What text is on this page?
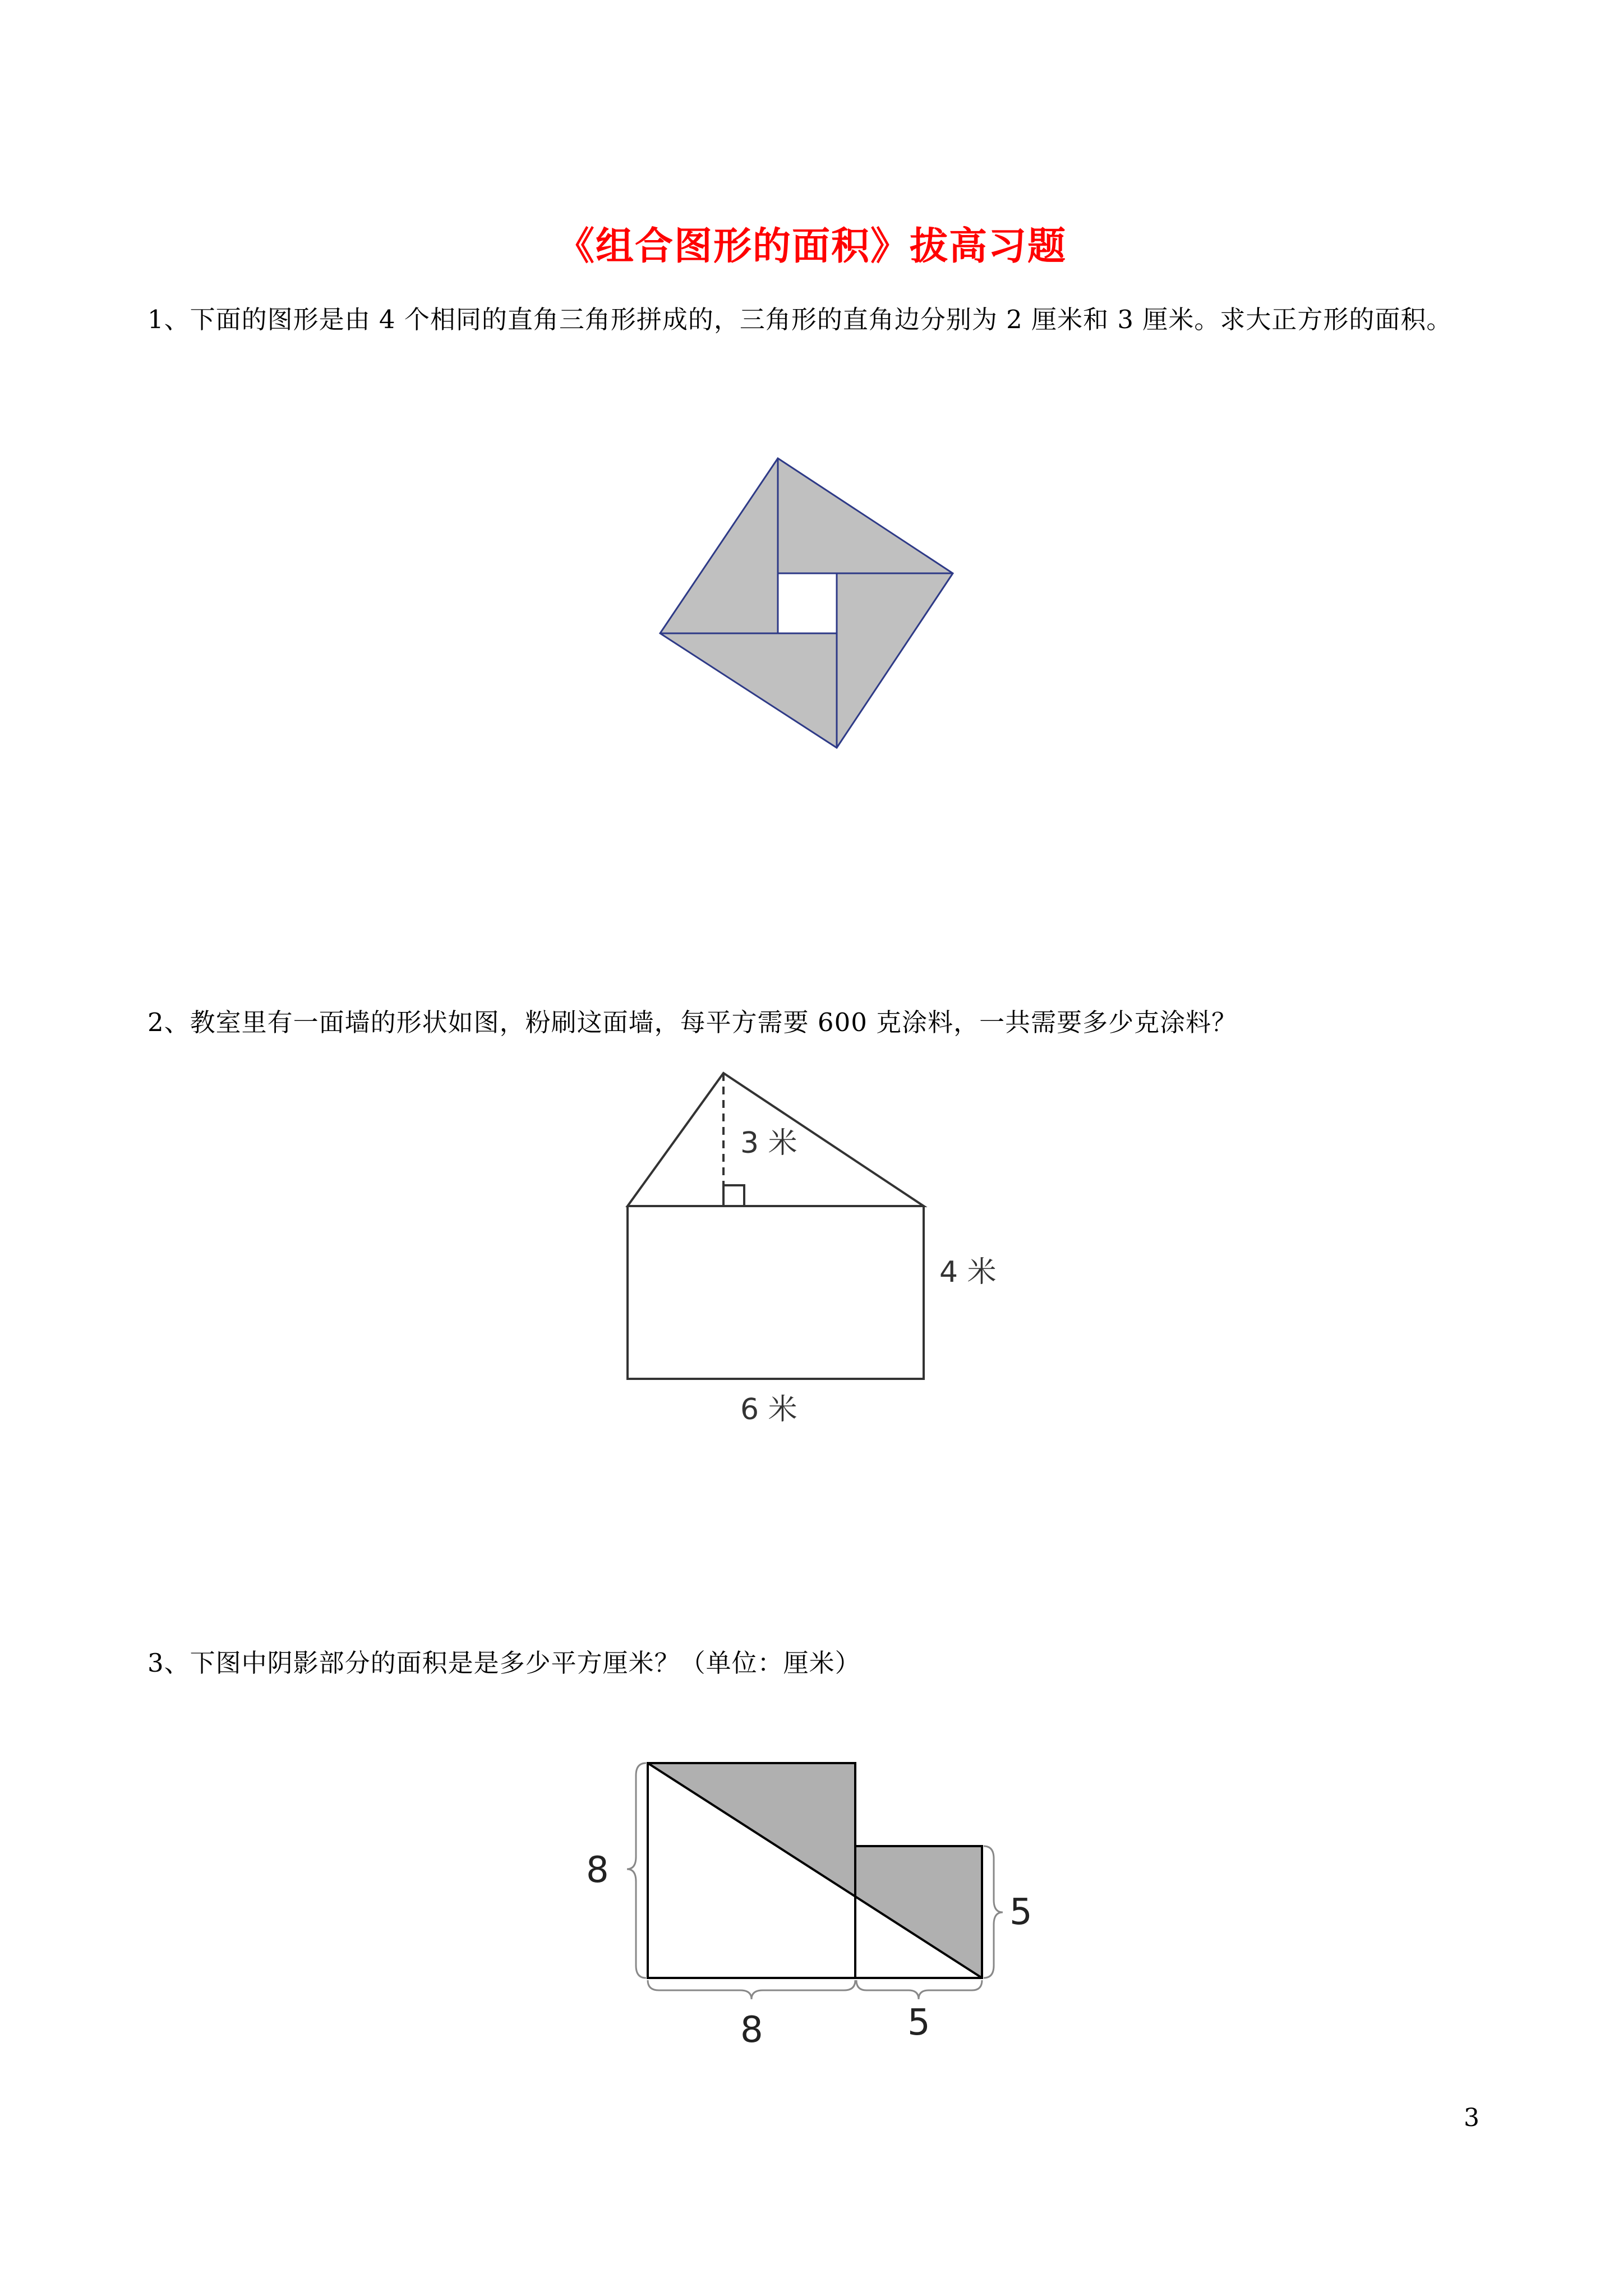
《组合图形的面积》拔高习题
1、下面的图形是由 4 个相同的直角三角形拼成的，三角形的直角边分别为 2 厘米和 3 厘米。求大正方形的面积。
2、教室里有一面墙的形状如图，粉刷这面墙，每平方需要 600 克涂料，一共需要多少克涂料？
3 米
4 米
6 米
3、下图中阴影部分的面积是是多少平方厘米？（单位：厘米）
8
5
8	5
3
